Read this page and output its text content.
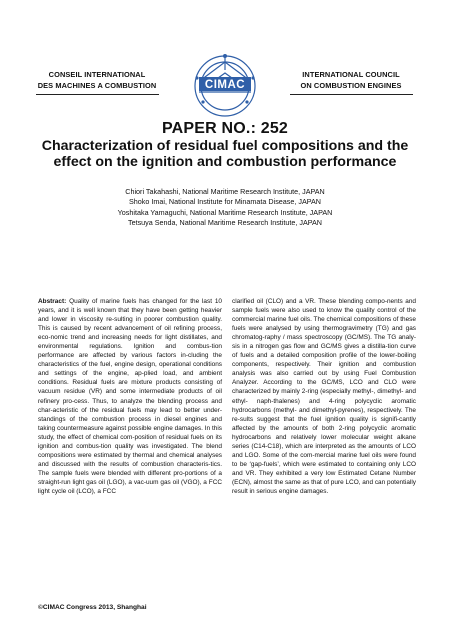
CONSEIL INTERNATIONAL
DES MACHINES A COMBUSTION
INTERNATIONAL COUNCIL
ON COMBUSTION ENGINES
CIMAC
PAPER NO.: 252
Characterization of residual fuel compositions and the effect on the ignition and combustion performance
Chiori Takahashi, National Maritime Research Institute, JAPAN
Shoko Imai, National Institute for Minamata Disease, JAPAN
Yoshitaka Yamaguchi, National Maritime Research Institute, JAPAN
Tetsuya Senda, National Maritime Research Institute, JAPAN
Abstract: Quality of marine fuels has changed for the last 10 years, and it is well known that they have been getting heavier and lower in viscosity re-sulting in poorer combustion quality. This is caused by recent advancement of oil refining process, eco-nomic trend and increasing needs for light distillates, and environmental regulations. Ignition and combus-tion performance are affected by various factors in-cluding the characteristics of the fuel, engine design, operational conditions and settings of the engine, ap-plied load, and ambient conditions. Residual fuels are mixture products consisting of vacuum residue (VR) and some intermediate products of oil refinery pro-cess. Thus, to analyze the blending process and char-acteristic of the residual fuels may lead to better under-standings of the combustion process in diesel engines and taking countermeasure against possible engine damages. In this study, the effect of chemical com-position of residual fuels on its ignition and combus-tion quality was investigated. The blend compositions were estimated by thermal and chemical analyses and discussed with the results of combustion characteris-tics. The sample fuels were blended with different pro-portions of a straight-run light gas oil (LGO), a vac-uum gas oil (VGO), a FCC light cycle oil (LCO), a FCC
clarified oil (CLO) and a VR. These blending compo-nents and sample fuels were also used to know the quality control of the commercial marine fuel oils. The chemical compositions of these fuels were analysed by using thermogravimetry (TG) and gas chromatog-raphy / mass spectroscopy (GC/MS). The TG analy-sis in a nitrogen gas flow and GC/MS gives a distilla-tion curve of fuels and a detailed composition profile of the lower-boiling components, respectively. Their ignition and combustion analysis was also carried out by using Fuel Combustion Analyzer. According to the GC/MS, LCO and CLO were characterized by mainly 2-ring (especially methyl-, dimethyl- and ethyl- naph-thalenes) and 4-ring polycyclic aromatic hydrocarbons (methyl- and dimethyl-pyrenes), respectively. The re-sults suggest that the fuel ignition quality is signifi-cantly affected by the amounts of both 2-ring polycyclic aromatic hydrocarbons and relatively lower molecular weight alkane series (C14-C18), which are interpreted as the amounts of LCO and LGO. Some of the com-mercial marine fuel oils were found to be ‘gap-fuels’, which were estimated to containing only LCO and VR. They exhibited a very low Estimated Cetane Number (ECN), almost the same as that of pure LCO, and can potentially result in serious engine damages.
©CIMAC Congress 2013, Shanghai
